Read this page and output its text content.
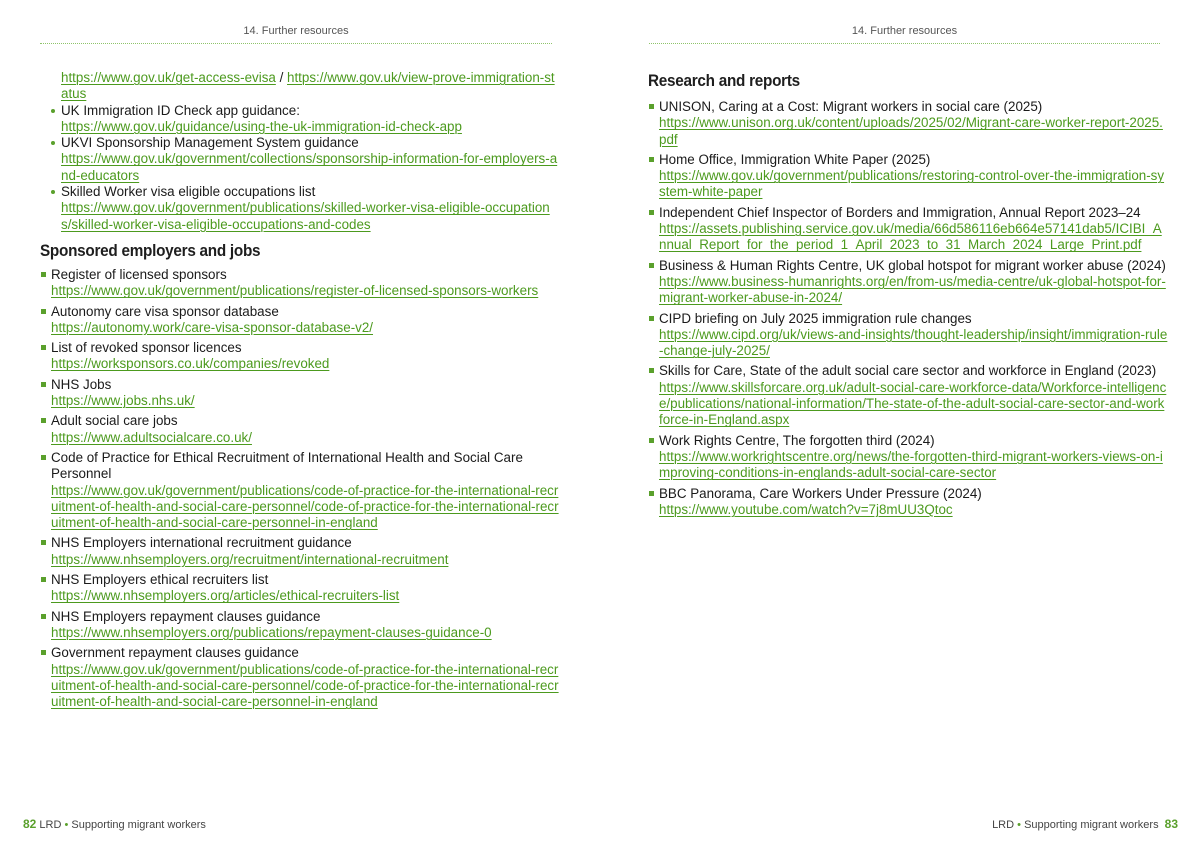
14. Further resources
https://www.gov.uk/get-access-evisa / https://www.gov.uk/view-prove-immigration-status
UK Immigration ID Check app guidance:
https://www.gov.uk/guidance/using-the-uk-immigration-id-check-app
UKVI Sponsorship Management System guidance
https://www.gov.uk/government/collections/sponsorship-information-for-employers-and-educators
Skilled Worker visa eligible occupations list
https://www.gov.uk/government/publications/skilled-worker-visa-eligible-occupations/skilled-worker-visa-eligible-occupations-and-codes
Sponsored employers and jobs
Register of licensed sponsors
https://www.gov.uk/government/publications/register-of-licensed-sponsors-workers
Autonomy care visa sponsor database
https://autonomy.work/care-visa-sponsor-database-v2/
List of revoked sponsor licences
https://worksponsors.co.uk/companies/revoked
NHS Jobs
https://www.jobs.nhs.uk/
Adult social care jobs
https://www.adultsocialcare.co.uk/
Code of Practice for Ethical Recruitment of International Health and Social Care Personnel
https://www.gov.uk/government/publications/code-of-practice-for-the-international-recruitment-of-health-and-social-care-personnel/code-of-practice-for-the-international-recruitment-of-health-and-social-care-personnel-in-england
NHS Employers international recruitment guidance
https://www.nhsemployers.org/recruitment/international-recruitment
NHS Employers ethical recruiters list
https://www.nhsemployers.org/articles/ethical-recruiters-list
NHS Employers repayment clauses guidance
https://www.nhsemployers.org/publications/repayment-clauses-guidance-0
Government repayment clauses guidance
https://www.gov.uk/government/publications/code-of-practice-for-the-international-recruitment-of-health-and-social-care-personnel/code-of-practice-for-the-international-recruitment-of-health-and-social-care-personnel-in-england
82 LRD • Supporting migrant workers
14. Further resources
LRD • Supporting migrant workers 83
Research and reports
UNISON, Caring at a Cost: Migrant workers in social care (2025)
https://www.unison.org.uk/content/uploads/2025/02/Migrant-care-worker-report-2025.pdf
Home Office, Immigration White Paper (2025)
https://www.gov.uk/government/publications/restoring-control-over-the-immigration-system-white-paper
Independent Chief Inspector of Borders and Immigration, Annual Report 2023–24
https://assets.publishing.service.gov.uk/media/66d586116eb664e57141dab5/ICIBI_Annual_Report_for_the_period_1_April_2023_to_31_March_2024_Large_Print.pdf
Business & Human Rights Centre, UK global hotspot for migrant worker abuse (2024)
https://www.business-humanrights.org/en/from-us/media-centre/uk-global-hotspot-for-migrant-worker-abuse-in-2024/
CIPD briefing on July 2025 immigration rule changes
https://www.cipd.org/uk/views-and-insights/thought-leadership/insight/immigration-rule-change-july-2025/
Skills for Care, State of the adult social care sector and workforce in England (2023)
https://www.skillsforcare.org.uk/adult-social-care-workforce-data/Workforce-intelligence/publications/national-information/The-state-of-the-adult-social-care-sector-and-workforce-in-England.aspx
Work Rights Centre, The forgotten third (2024)
https://www.workrightscentre.org/news/the-forgotten-third-migrant-workers-views-on-improving-conditions-in-englands-adult-social-care-sector
BBC Panorama, Care Workers Under Pressure (2024)
https://www.youtube.com/watch?v=7j8mUU3Qtoc
